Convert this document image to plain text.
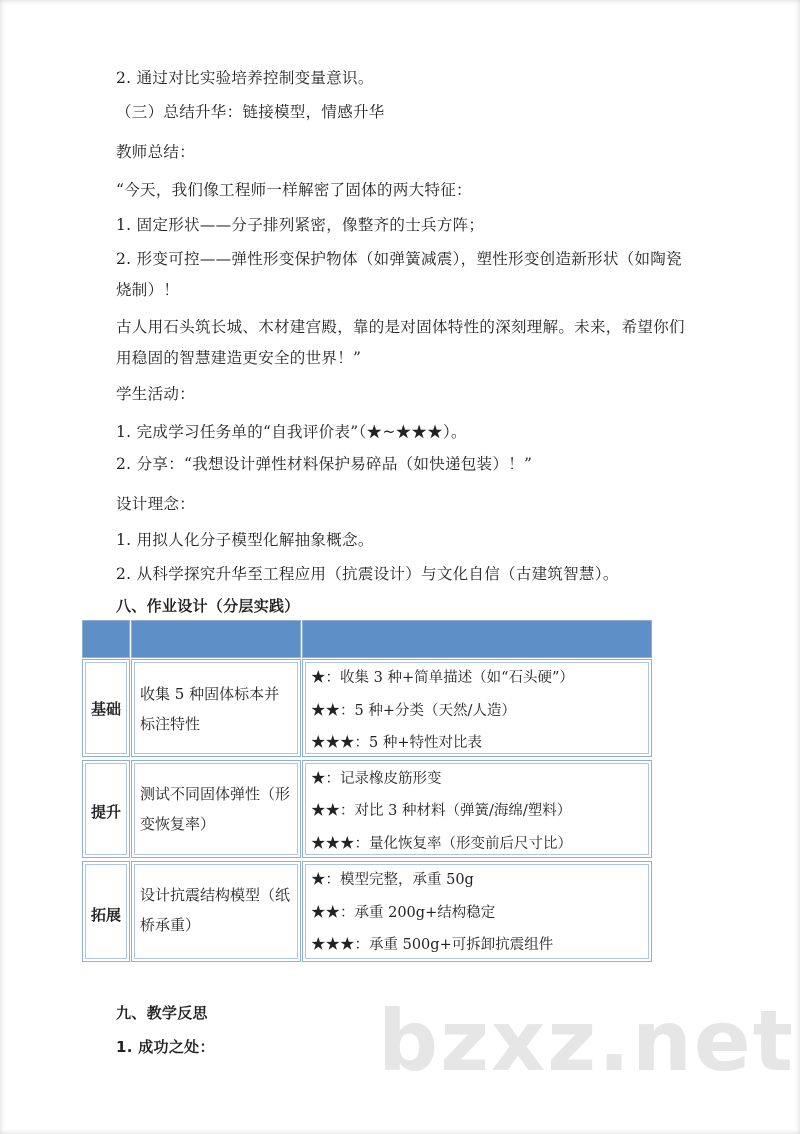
2. 通过对比实验培养控制变量意识。
（三）总结升华：链接模型，情感升华
教师总结：
“今天，我们像工程师一样解密了固体的两大特征：
1. 固定形状——分子排列紧密，像整齐的士兵方阵；
2. 形变可控——弹性形变保护物体（如弹簧减震），塑性形变创造新形状（如陶瓷
烧制）！
古人用石头筑长城、木材建宫殿，靠的是对固体特性的深刻理解。未来，希望你们
用稳固的智慧建造更安全的世界！”
学生活动：
1. 完成学习任务单的“自我评价表”（★~★★★）。
2. 分享：“我想设计弹性材料保护易碎品（如快递包装）！”
设计理念：
1. 用拟人化分子模型化解抽象概念。
2. 从科学探究升华至工程应用（抗震设计）与文化自信（古建筑智慧）。
八、作业设计（分层实践）
基础
收集 5 种固体标本并标注特性
★：收集 3 种+简单描述（如“石头硬”）
★★：5 种+分类（天然/人造）
★★★：5 种+特性对比表
提升
测试不同固体弹性（形变恢复率）
★：记录橡皮筋形变
★★：对比 3 种材料（弹簧/海绵/塑料）
★★★：量化恢复率（形变前后尺寸比）
拓展
设计抗震结构模型（纸桥承重）
★：模型完整，承重 50g
★★：承重 200g+结构稳定
★★★：承重 500g+可拆卸抗震组件
九、教学反思
1. 成功之处： bzxz.net
